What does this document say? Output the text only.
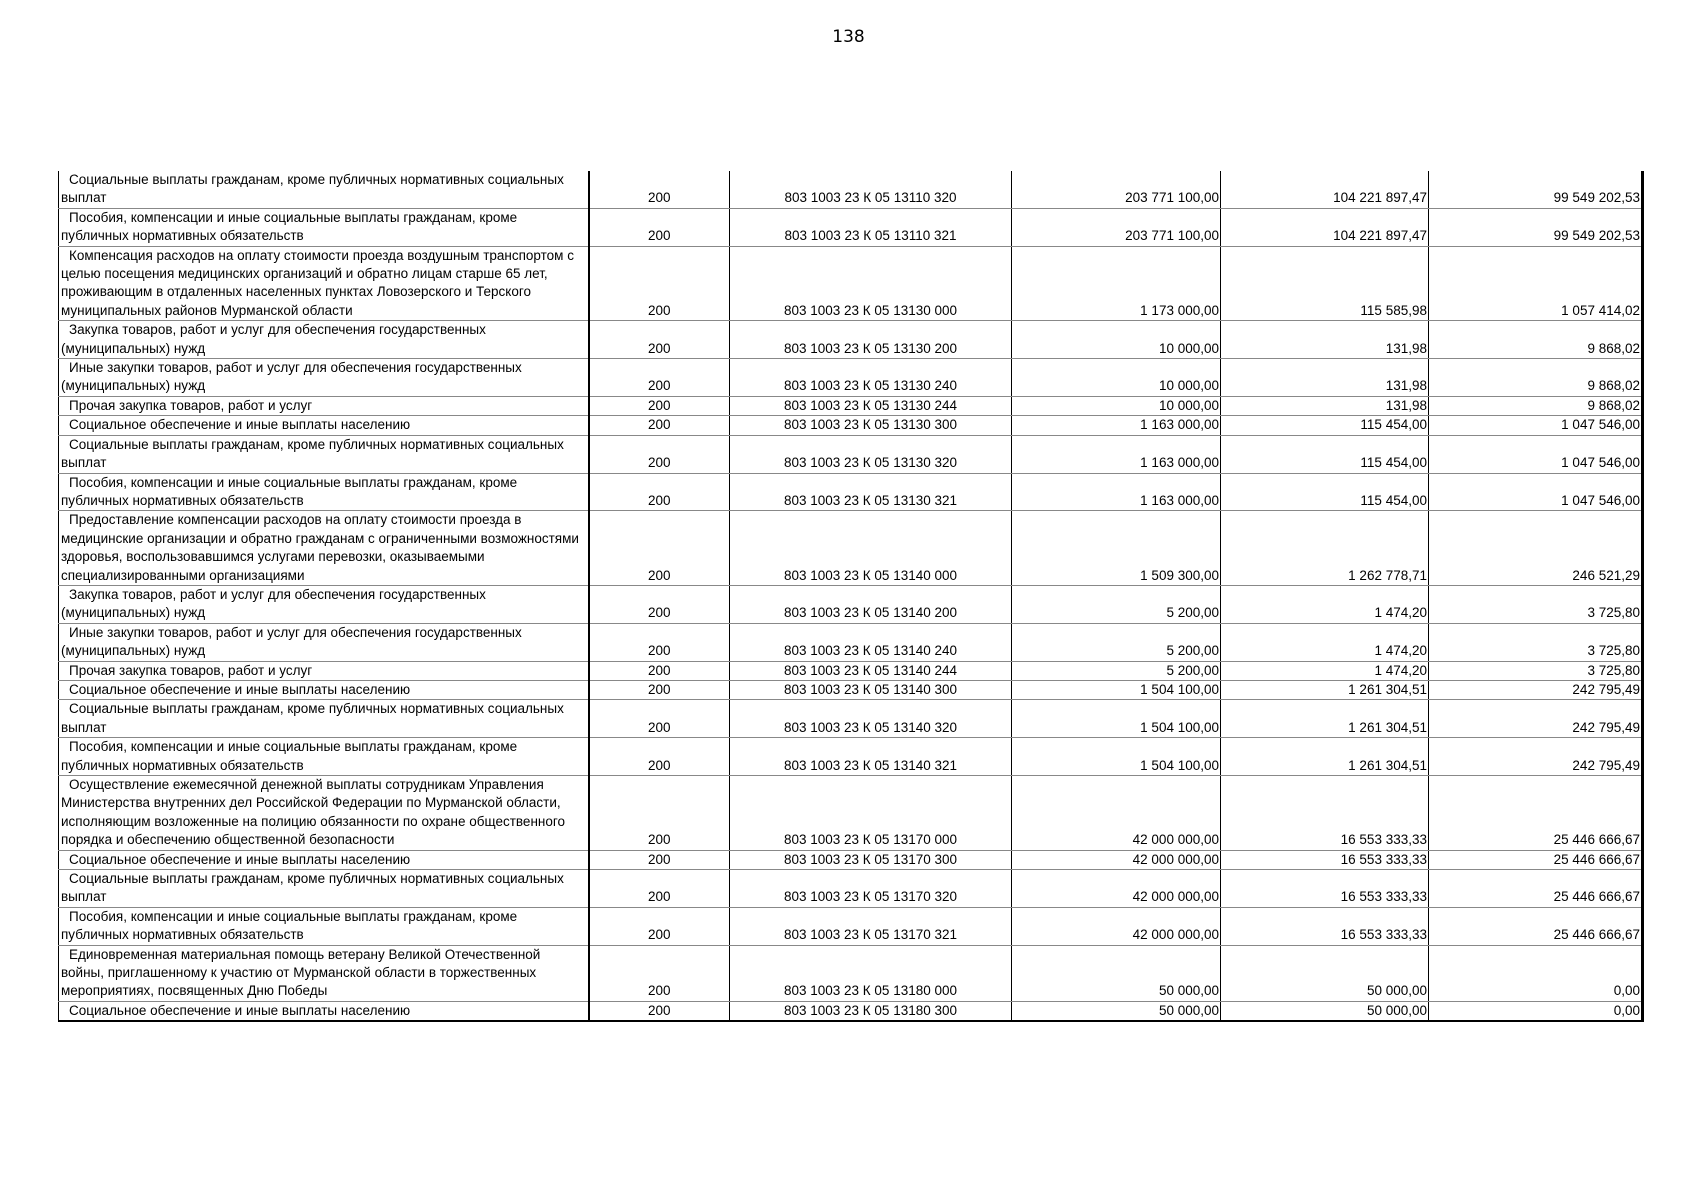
138
Социальные выплаты гражданам, кроме публичных нормативных социальных выплат	200	803 1003 23 К 05 13110 320	203 771 100,00	104 221 897,47	99 549 202,53

Пособия, компенсации и иные социальные выплаты гражданам, кроме публичных нормативных обязательств	200	803 1003 23 К 05 13110 321	203 771 100,00	104 221 897,47	99 549 202,53

Компенсация расходов на оплату стоимости проезда воздушным транспортом с целью посещения медицинских организаций и обратно лицам старше 65 лет, проживающим в отдаленных населенных пунктах Ловозерского и Терского муниципальных районов Мурманской области	200	803 1003 23 К 05 13130 000	1 173 000,00	115 585,98	1 057 414,02

Закупка товаров, работ и услуг для обеспечения государственных (муниципальных) нужд	200	803 1003 23 К 05 13130 200	10 000,00	131,98	9 868,02

Иные закупки товаров, работ и услуг для обеспечения государственных (муниципальных) нужд	200	803 1003 23 К 05 13130 240	10 000,00	131,98	9 868,02

Прочая закупка товаров, работ и услуг	200	803 1003 23 К 05 13130 244	10 000,00	131,98	9 868,02

Социальное обеспечение и иные выплаты населению	200	803 1003 23 К 05 13130 300	1 163 000,00	115 454,00	1 047 546,00

Социальные выплаты гражданам, кроме публичных нормативных социальных выплат	200	803 1003 23 К 05 13130 320	1 163 000,00	115 454,00	1 047 546,00

Пособия, компенсации и иные социальные выплаты гражданам, кроме публичных нормативных обязательств	200	803 1003 23 К 05 13130 321	1 163 000,00	115 454,00	1 047 546,00

Предоставление компенсации расходов на оплату стоимости проезда в медицинские организации и обратно гражданам с ограниченными возможностями здоровья, воспользовавшимся услугами перевозки, оказываемыми специализированными организациями	200	803 1003 23 К 05 13140 000	1 509 300,00	1 262 778,71	246 521,29

Закупка товаров, работ и услуг для обеспечения государственных (муниципальных) нужд	200	803 1003 23 К 05 13140 200	5 200,00	1 474,20	3 725,80

Иные закупки товаров, работ и услуг для обеспечения государственных (муниципальных) нужд	200	803 1003 23 К 05 13140 240	5 200,00	1 474,20	3 725,80

Прочая закупка товаров, работ и услуг	200	803 1003 23 К 05 13140 244	5 200,00	1 474,20	3 725,80

Социальное обеспечение и иные выплаты населению	200	803 1003 23 К 05 13140 300	1 504 100,00	1 261 304,51	242 795,49

Социальные выплаты гражданам, кроме публичных нормативных социальных выплат	200	803 1003 23 К 05 13140 320	1 504 100,00	1 261 304,51	242 795,49

Пособия, компенсации и иные социальные выплаты гражданам, кроме публичных нормативных обязательств	200	803 1003 23 К 05 13140 321	1 504 100,00	1 261 304,51	242 795,49

Осуществление ежемесячной денежной выплаты сотрудникам Управления Министерства внутренних дел Российской Федерации по Мурманской области, исполняющим возложенные на полицию обязанности по охране общественного порядка и обеспечению общественной безопасности	200	803 1003 23 К 05 13170 000	42 000 000,00	16 553 333,33	25 446 666,67

Социальное обеспечение и иные выплаты населению	200	803 1003 23 К 05 13170 300	42 000 000,00	16 553 333,33	25 446 666,67

Социальные выплаты гражданам, кроме публичных нормативных социальных выплат	200	803 1003 23 К 05 13170 320	42 000 000,00	16 553 333,33	25 446 666,67

Пособия, компенсации и иные социальные выплаты гражданам, кроме публичных нормативных обязательств	200	803 1003 23 К 05 13170 321	42 000 000,00	16 553 333,33	25 446 666,67

Единовременная материальная помощь ветерану Великой Отечественной войны, приглашенному к участию от Мурманской области в торжественных мероприятиях, посвященных Дню Победы	200	803 1003 23 К 05 13180 000	50 000,00	50 000,00	0,00

Социальное обеспечение и иные выплаты населению	200	803 1003 23 К 05 13180 300	50 000,00	50 000,00	0,00
